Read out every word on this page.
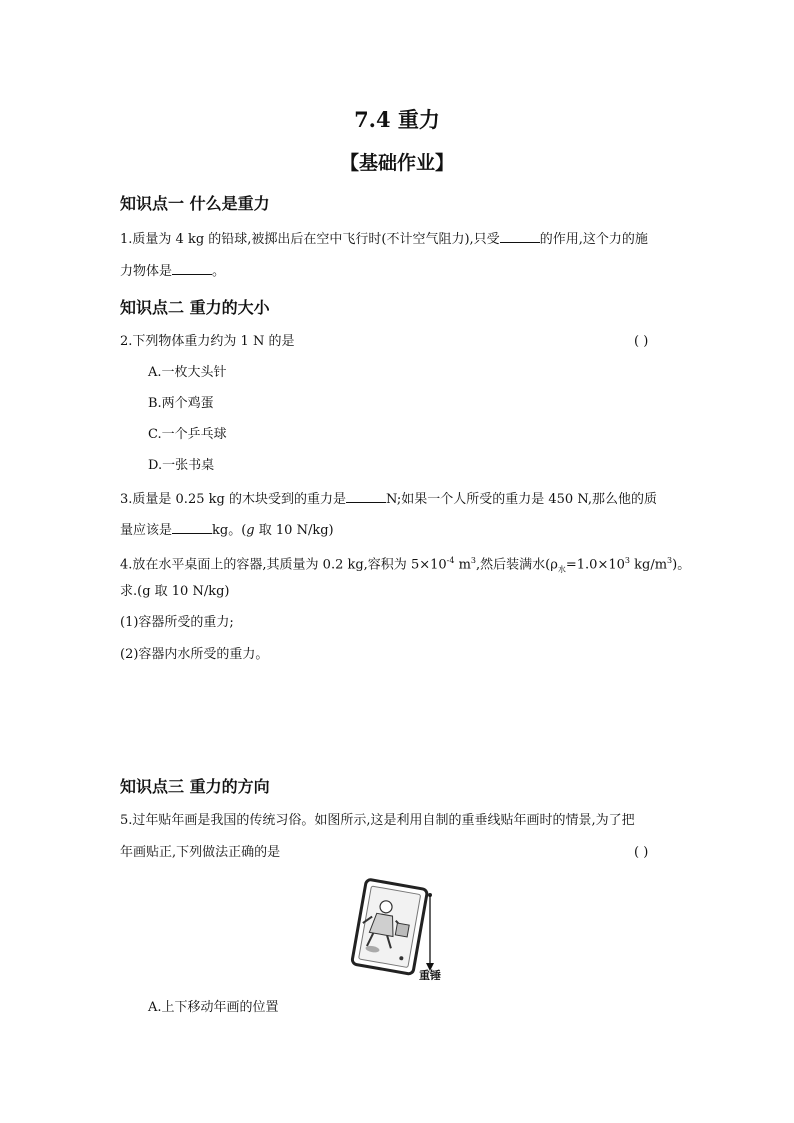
7.4 重力
【基础作业】
知识点一 什么是重力
1.质量为 4 kg 的铅球,被掷出后在空中飞行时(不计空气阻力),只受	的作用,这个力的施
力物体是	。
知识点二 重力的大小
2.下列物体重力约为 1 N 的是	( )
A.一枚大头针
B.两个鸡蛋
C.一个乒乓球
D.一张书桌
3.质量是 0.25 kg 的木块受到的重力是	N;如果一个人所受的重力是 450 N,那么他的质
量应该是	kg。(g 取 10 N/kg)
4.放在水平桌面上的容器,其质量为 0.2 kg,容积为 $5\times 10^{-4}$ $m^3$,然后装满水($\rho_水=1.0\times 10^3$ $kg/m^3$)。
求.(g 取 10 N/kg)
(1)容器所受的重力;
(2)容器内水所受的重力。
知识点三 重力的方向
5.过年贴年画是我国的传统习俗。如图所示,这是利用自制的重垂线贴年画时的情景,为了把
年画贴正,下列做法正确的是	( )
重锤
A.上下移动年画的位置
